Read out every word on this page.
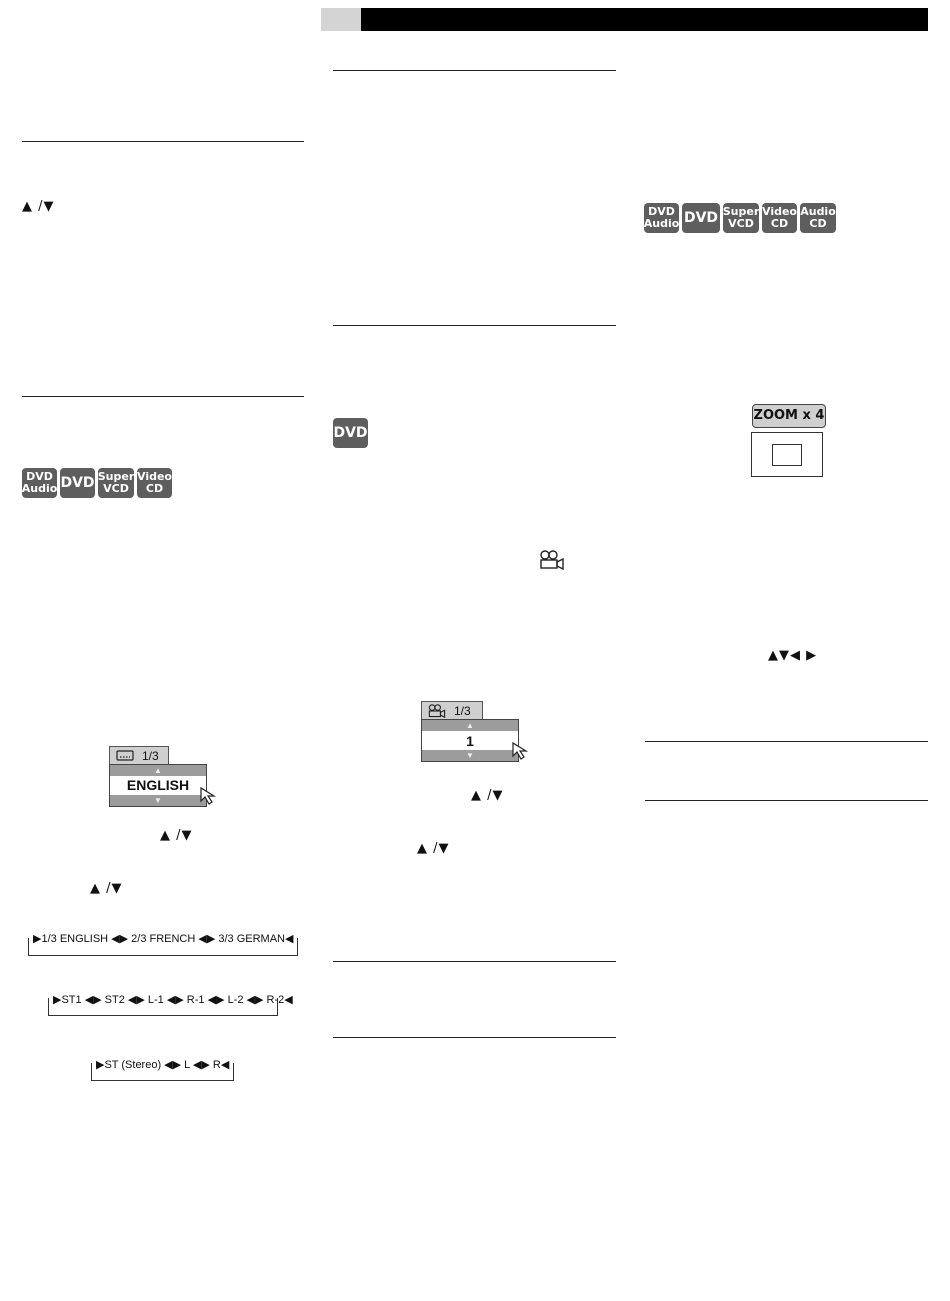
▲ /▼
▲ /▼
▲ /▼
▲ /▼
▲ /▼
▲▼◀ ▶
DVD
Audio DVD Super
VCD
Video
CD
DVD
DVD
Audio DVD Super
VCD
Video
CD
Audio
CD
1/3
▲
ENGLISH
▼
1/3
▲
1
▼
ZOOM x 4
▶1/3 ENGLISH ◀▶ 2/3 FRENCH ◀▶ 3/3 GERMAN◀
▶ST1 ◀▶ ST2 ◀▶ L-1 ◀▶ R-1 ◀▶ L-2 ◀▶ R-2◀
▶ST (Stereo) ◀▶ L ◀▶ R◀
